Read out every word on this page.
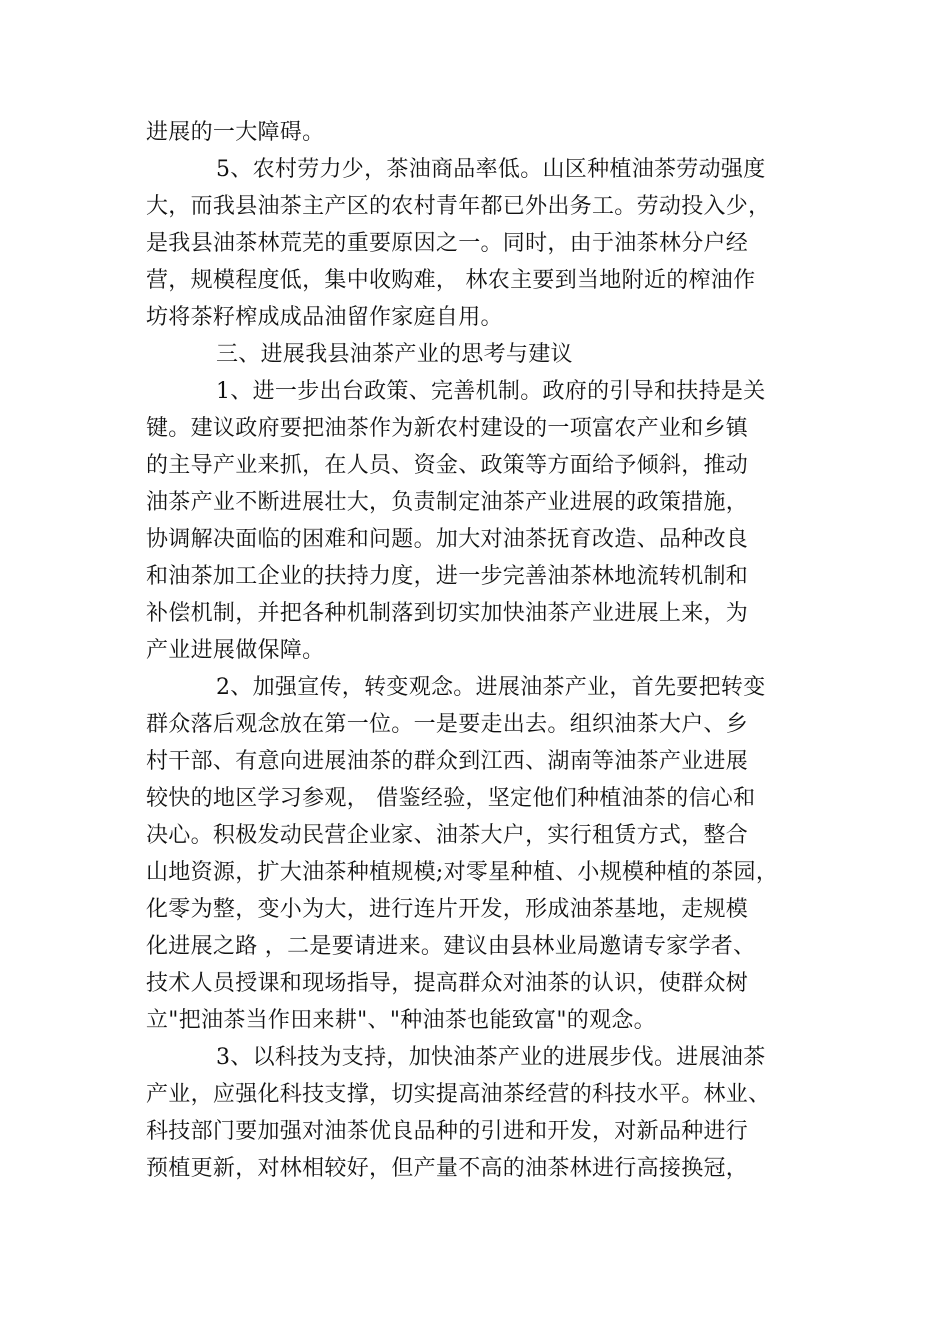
进展的一大障碍。
5、农村劳力少，茶油商品率低。山区种植油茶劳动强度
大，而我县油茶主产区的农村青年都已外出务工。劳动投入少，
是我县油茶林荒芜的重要原因之一。同时，由于油茶林分户经
营，规模程度低，集中收购难， 林农主要到当地附近的榨油作
坊将茶籽榨成成品油留作家庭自用。
三、进展我县油茶产业的思考与建议
1、进一步出台政策、完善机制。政府的引导和扶持是关
键。建议政府要把油茶作为新农村建设的一项富农产业和乡镇
的主导产业来抓，在人员、资金、政策等方面给予倾斜，推动
油茶产业不断进展壮大，负责制定油茶产业进展的政策措施，
协调解决面临的困难和问题。加大对油茶抚育改造、品种改良
和油茶加工企业的扶持力度，进一步完善油茶林地流转机制和
补偿机制，并把各种机制落到切实加快油茶产业进展上来，为
产业进展做保障。
2、加强宣传，转变观念。进展油茶产业，首先要把转变
群众落后观念放在第一位。一是要走出去。组织油茶大户、乡
村干部、有意向进展油茶的群众到江西、湖南等油茶产业进展
较快的地区学习参观， 借鉴经验，坚定他们种植油茶的信心和
决心。积极发动民营企业家、油茶大户，实行租赁方式，整合
山地资源，扩大油茶种植规模;对零星种植、小规模种植的茶园，
化零为整，变小为大，进行连片开发，形成油茶基地，走规模
化进展之路 ，二是要请进来。建议由县林业局邀请专家学者、
技术人员授课和现场指导，提高群众对油茶的认识，使群众树
立"把油茶当作田来耕"、"种油茶也能致富"的观念。
3、以科技为支持，加快油茶产业的进展步伐。进展油茶
产业，应强化科技支撑，切实提高油茶经营的科技水平。林业、
科技部门要加强对油茶优良品种的引进和开发，对新品种进行
预植更新，对林相较好，但产量不高的油茶林进行高接换冠，
